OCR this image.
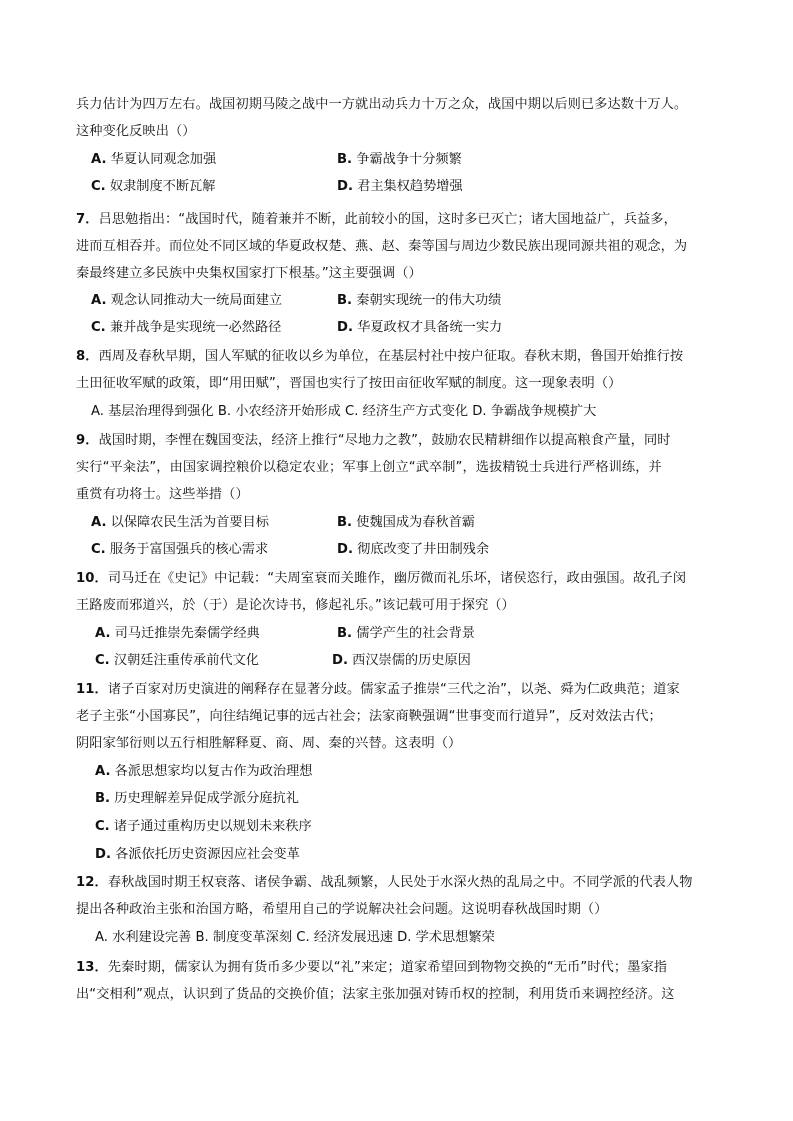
兵力估计为四万左右。战国初期马陵之战中一方就出动兵力十万之众，战国中期以后则已多达数十万人。
这种变化反映出（）
A. 华夏认同观念加强	B. 争霸战争十分频繁
C. 奴隶制度不断瓦解	D. 君主集权趋势增强
7．吕思勉指出：“战国时代，随着兼并不断，此前较小的国，这时多已灭亡；诸大国地益广，兵益多，
进而互相吞并。而位处不同区域的华夏政权楚、燕、赵、秦等国与周边少数民族出现同源共祖的观念，为
秦最终建立多民族中央集权国家打下根基。”这主要强调（）
A. 观念认同推动大一统局面建立	B. 秦朝实现统一的伟大功绩
C. 兼并战争是实现统一必然路径	D. 华夏政权才具备统一实力
8．西周及春秋早期，国人军赋的征收以乡为单位，在基层村社中按户征取。春秋末期，鲁国开始推行按
土田征收军赋的政策，即“用田赋”，晋国也实行了按田亩征收军赋的制度。这一现象表明（）
A. 基层治理得到强化 B. 小农经济开始形成 C. 经济生产方式变化 D. 争霸战争规模扩大
9．战国时期，李悝在魏国变法，经济上推行“尽地力之教”，鼓励农民精耕细作以提高粮食产量，同时
实行“平籴法”，由国家调控粮价以稳定农业；军事上创立“武卒制”，选拔精锐士兵进行严格训练，并
重赏有功将士。这些举措（）
A. 以保障农民生活为首要目标	B. 使魏国成为春秋首霸
C. 服务于富国强兵的核心需求	D. 彻底改变了井田制残余
10．司马迁在《史记》中记载：“夫周室衰而关雎作，幽厉微而礼乐坏，诸侯恣行，政由强国。故孔子闵
王路废而邪道兴，於（于）是论次诗书，修起礼乐。”该记载可用于探究（）
A. 司马迁推崇先秦儒学经典	B. 儒学产生的社会背景
C. 汉朝廷注重传承前代文化	D. 西汉崇儒的历史原因
11．诸子百家对历史演进的阐释存在显著分歧。儒家孟子推崇“三代之治”，以尧、舜为仁政典范；道家
老子主张“小国寡民”，向往结绳记事的远古社会；法家商鞅强调“世事变而行道异”，反对效法古代；
阴阳家邹衍则以五行相胜解释夏、商、周、秦的兴替。这表明（）
A. 各派思想家均以复古作为政治理想
B. 历史理解差异促成学派分庭抗礼
C. 诸子通过重构历史以规划未来秩序
D. 各派依托历史资源因应社会变革
12．春秋战国时期王权衰落、诸侯争霸、战乱频繁，人民处于水深火热的乱局之中。不同学派的代表人物
提出各种政治主张和治国方略，希望用自己的学说解决社会问题。这说明春秋战国时期（）
A. 水利建设完善 B. 制度变革深刻 C. 经济发展迅速 D. 学术思想繁荣
13．先秦时期，儒家认为拥有货币多少要以“礼”来定；道家希望回到物物交换的“无币”时代；墨家指
出“交相利”观点，认识到了货品的交换价值；法家主张加强对铸币权的控制，利用货币来调控经济。这
